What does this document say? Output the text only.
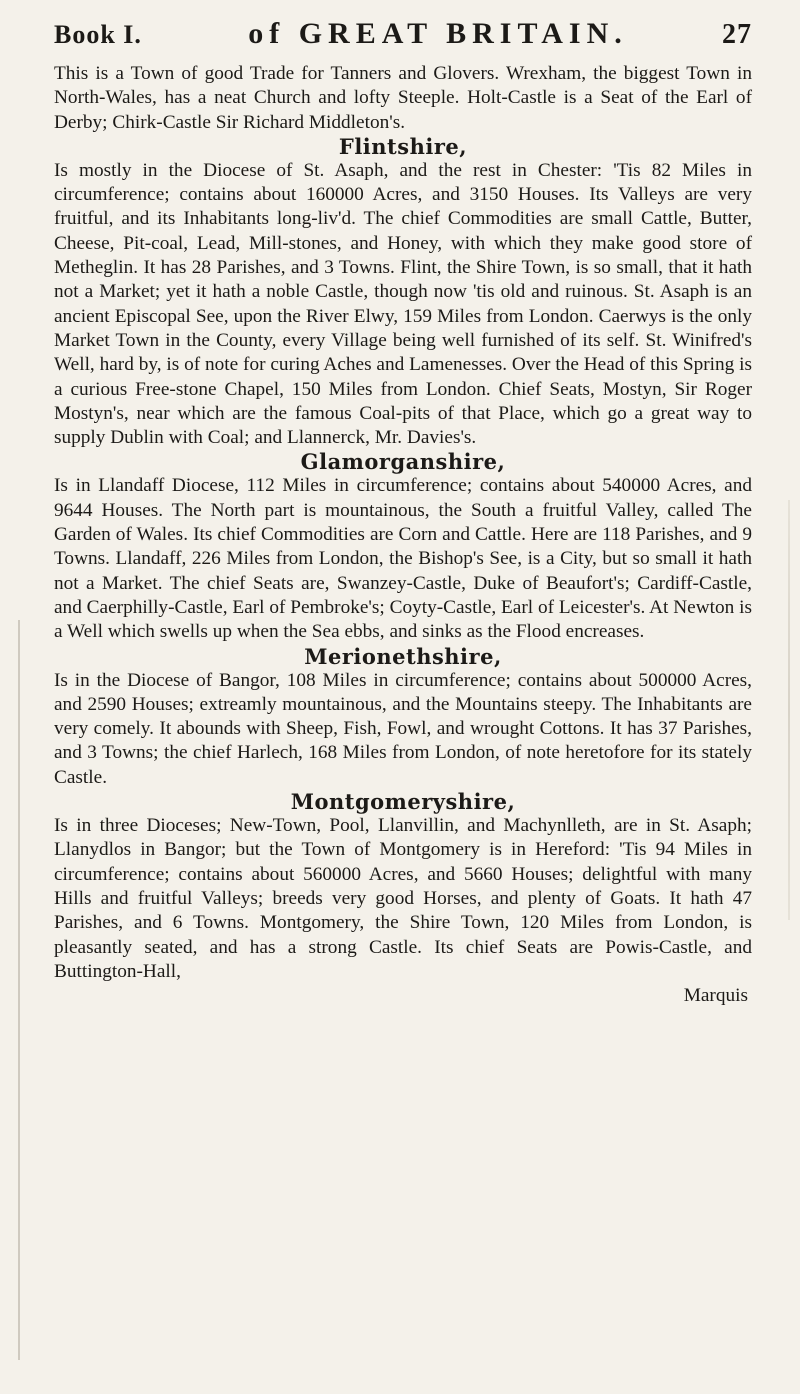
Book I.	of GREAT BRITAIN.	27

This is a Town of good Trade for Tanners and Glovers. Wrexham, the biggest Town in North-Wales, has a neat Church and lofty Steeple. Holt-Castle is a Seat of the Earl of Derby; Chirk-Castle Sir Richard Middleton's.

Flintshire,

Is mostly in the Diocese of St. Asaph, and the rest in Chester: 'Tis 82 Miles in circumference; contains about 160000 Acres, and 3150 Houses. Its Valleys are very fruitful, and its Inhabitants long-liv'd. The chief Commodities are small Cattle, Butter, Cheese, Pit-coal, Lead, Mill-stones, and Honey, with which they make good store of Metheglin. It has 28 Parishes, and 3 Towns. Flint, the Shire Town, is so small, that it hath not a Market; yet it hath a noble Castle, though now 'tis old and ruinous. St. Asaph is an ancient Episcopal See, upon the River Elwy, 159 Miles from London. Caerwys is the only Market Town in the County, every Village being well furnished of its self. St. Winifred's Well, hard by, is of note for curing Aches and Lamenesses. Over the Head of this Spring is a curious Free-stone Chapel, 150 Miles from London. Chief Seats, Mostyn, Sir Roger Mostyn's, near which are the famous Coal-pits of that Place, which go a great way to supply Dublin with Coal; and Llannerck, Mr. Davies's.

Glamorganshire,

Is in Llandaff Diocese, 112 Miles in circumference; contains about 540000 Acres, and 9644 Houses. The North part is mountainous, the South a fruitful Valley, called The Garden of Wales. Its chief Commodities are Corn and Cattle. Here are 118 Parishes, and 9 Towns. Llandaff, 226 Miles from London, the Bishop's See, is a City, but so small it hath not a Market. The chief Seats are, Swanzey-Castle, Duke of Beaufort's; Cardiff-Castle, and Caerphilly-Castle, Earl of Pembroke's; Coyty-Castle, Earl of Leicester's. At Newton is a Well which swells up when the Sea ebbs, and sinks as the Flood encreases.

Merionethshire,

Is in the Diocese of Bangor, 108 Miles in circumference; contains about 500000 Acres, and 2590 Houses; extreamly mountainous, and the Mountains steepy. The Inhabitants are very comely. It abounds with Sheep, Fish, Fowl, and wrought Cottons. It has 37 Parishes, and 3 Towns; the chief Harlech, 168 Miles from London, of note heretofore for its stately Castle.

Montgomeryshire,

Is in three Dioceses; New-Town, Pool, Llanvillin, and Machynlleth, are in St. Asaph; Llanydlos in Bangor; but the Town of Montgomery is in Hereford: 'Tis 94 Miles in circumference; contains about 560000 Acres, and 5660 Houses; delightful with many Hills and fruitful Valleys; breeds very good Horses, and plenty of Goats. It hath 47 Parishes, and 6 Towns. Montgomery, the Shire Town, 120 Miles from London, is pleasantly seated, and has a strong Castle. Its chief Seats are Powis-Castle, and Buttington-Hall,

Marquis
